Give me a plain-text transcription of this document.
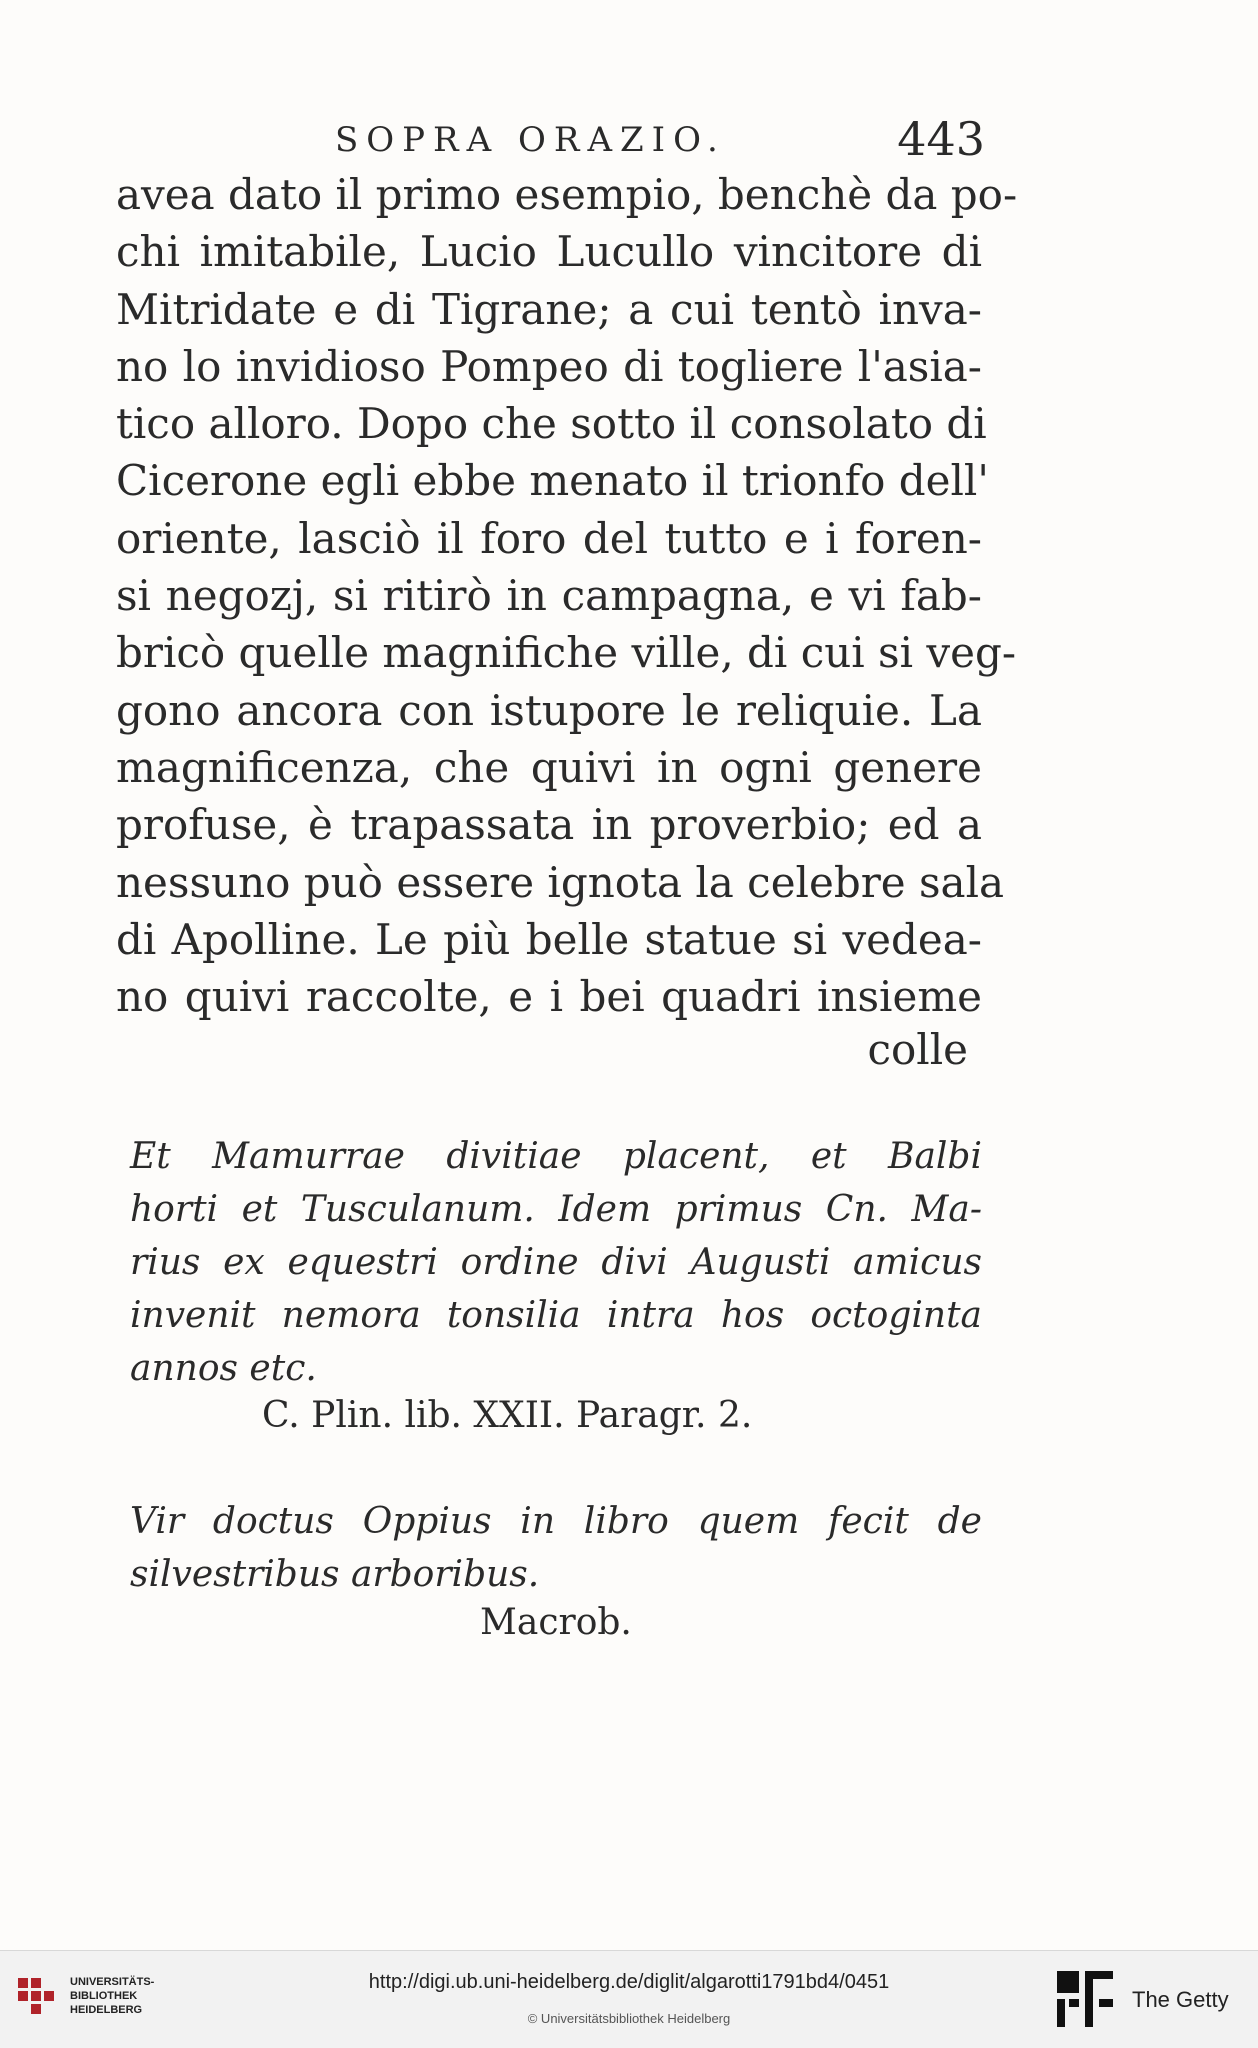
SOPRA ORAZIO.	443
avea dato il primo esempio, benchè da po-
chi imitabile, Lucio Lucullo vincitore di
Mitridate e di Tigrane; a cui tentò inva-
no lo invidioso Pompeo di togliere l'asia-
tico alloro. Dopo che sotto il consolato di
Cicerone egli ebbe menato il trionfo dell'
oriente, lasciò il foro del tutto e i foren-
si negozj, si ritirò in campagna, e vi fab-
bricò quelle magnifiche ville, di cui si veg-
gono ancora con istupore le reliquie. La
magnificenza, che quivi in ogni genere
profuse, è trapassata in proverbio; ed a
nessuno può essere ignota la celebre sala
di Apolline. Le più belle statue si vedea-
no quivi raccolte, e i bei quadri insieme
colle
Et Mamurrae divitiae placent, et Balbi
horti et Tusculanum. Idem primus Cn. Ma-
rius ex equestri ordine divi Augusti amicus
invenit nemora tonsilia intra hos octoginta
annos etc.
C. Plin. lib. XXII. Paragr. 2.
Vir doctus Oppius in libro quem fecit de
silvestribus arboribus.
Macrob.
UNIVERSITÄTS-
BIBLIOTHEK
HEIDELBERG
http://digi.ub.uni-heidelberg.de/diglit/algarotti1791bd4/0451
© Universitätsbibliothek Heidelberg
The Getty
